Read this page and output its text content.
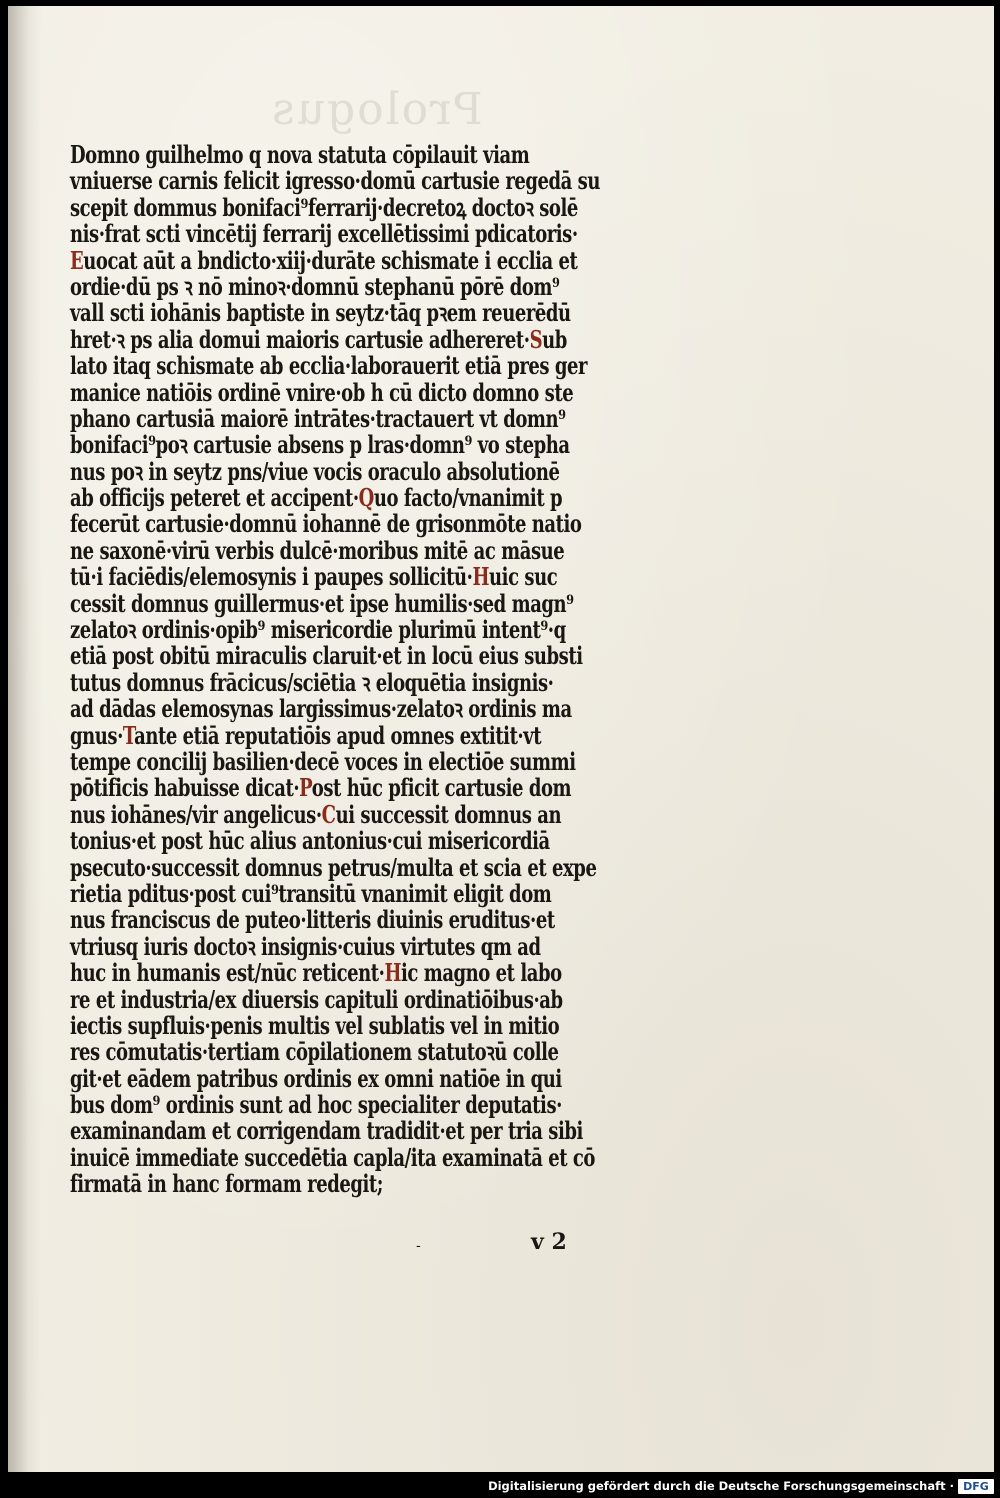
Prologus
Domno guilhelmo q nova statuta cōpilauit viam
vniuerse carnis felicit igresso·domū cartusie regedā su
scepit dommus bonifaci⁹ferrarij·decretoꝝ doctoꝛ solē
nis·frat scti vincētij ferrarij excellētissimi pdicatoris·
Euocat aūt a bndicto·xiij·durāte schismate i ecclia et
ordie·dū ps ꝛ nō minoꝛ·domnū stephanū pōrē dom⁹
vall scti iohānis baptiste in seytz·tāq pꝛem reuerēdū
hret·ꝛ ps alia domui maioris cartusie adhereret·Sub
lato itaq schismate ab ecclia·laborauerit etiā pres ger
manice natiōis ordinē vnire·ob h cū dicto domno ste
phano cartusiā maiorē intrātes·tractauert vt domn⁹
bonifaci⁹poꝛ cartusie absens p lras·domn⁹ vo stepha
nus poꝛ in seytz pns/viue vocis oraculo absolutionē
ab officijs peteret et accipent·Quo facto/vnanimit p
fecerūt cartusie·domnū iohannē de grisonmōte natio
ne saxonē·virū verbis dulcē·moribus mitē ac māsue
tū·i faciēdis/elemosynis i paupes sollicitū·Huic suc
cessit domnus guillermus·et ipse humilis·sed magn⁹
zelatoꝛ ordinis·opib⁹ misericordie plurimū intent⁹·q
etiā post obitū miraculis claruit·et in locū eius substi
tutus domnus frācicus/sciētia ꝛ eloquētia insignis·
ad dādas elemosynas largissimus·zelatoꝛ ordinis ma
gnus·Tante etiā reputatiōis apud omnes extitit·vt
tempe concilij basilien·decē voces in electiōe summi
pōtificis habuisse dicat·Post hūc pficit cartusie dom
nus iohānes/vir angelicus·Cui successit domnus an
tonius·et post hūc alius antonius·cui misericordiā
psecuto·successit domnus petrus/multa et scia et expe
rietia pditus·post cui⁹transitū vnanimit eligit dom
nus franciscus de puteo·litteris diuinis eruditus·et
vtriusq iuris doctoꝛ insignis·cuius virtutes qm ad
huc in humanis est/nūc reticent·Hic magno et labo
re et industria/ex diuersis capituli ordinatiōibus·ab
iectis supfluis·penis multis vel sublatis vel in mitio
res cōmutatis·tertiam cōpilationem statutoꝛū colle
git·et eādem patribus ordinis ex omni natiōe in qui
bus dom⁹ ordinis sunt ad hoc specialiter deputatis·
examinandam et corrigendam tradidit·et per tria sibi
inuicē immediate succedētia capla/ita examinatā et cō
firmatā in hanc formam redegit;
-	v 2
Digitalisierung gefördert durch die Deutsche Forschungsgemeinschaft · DFG
